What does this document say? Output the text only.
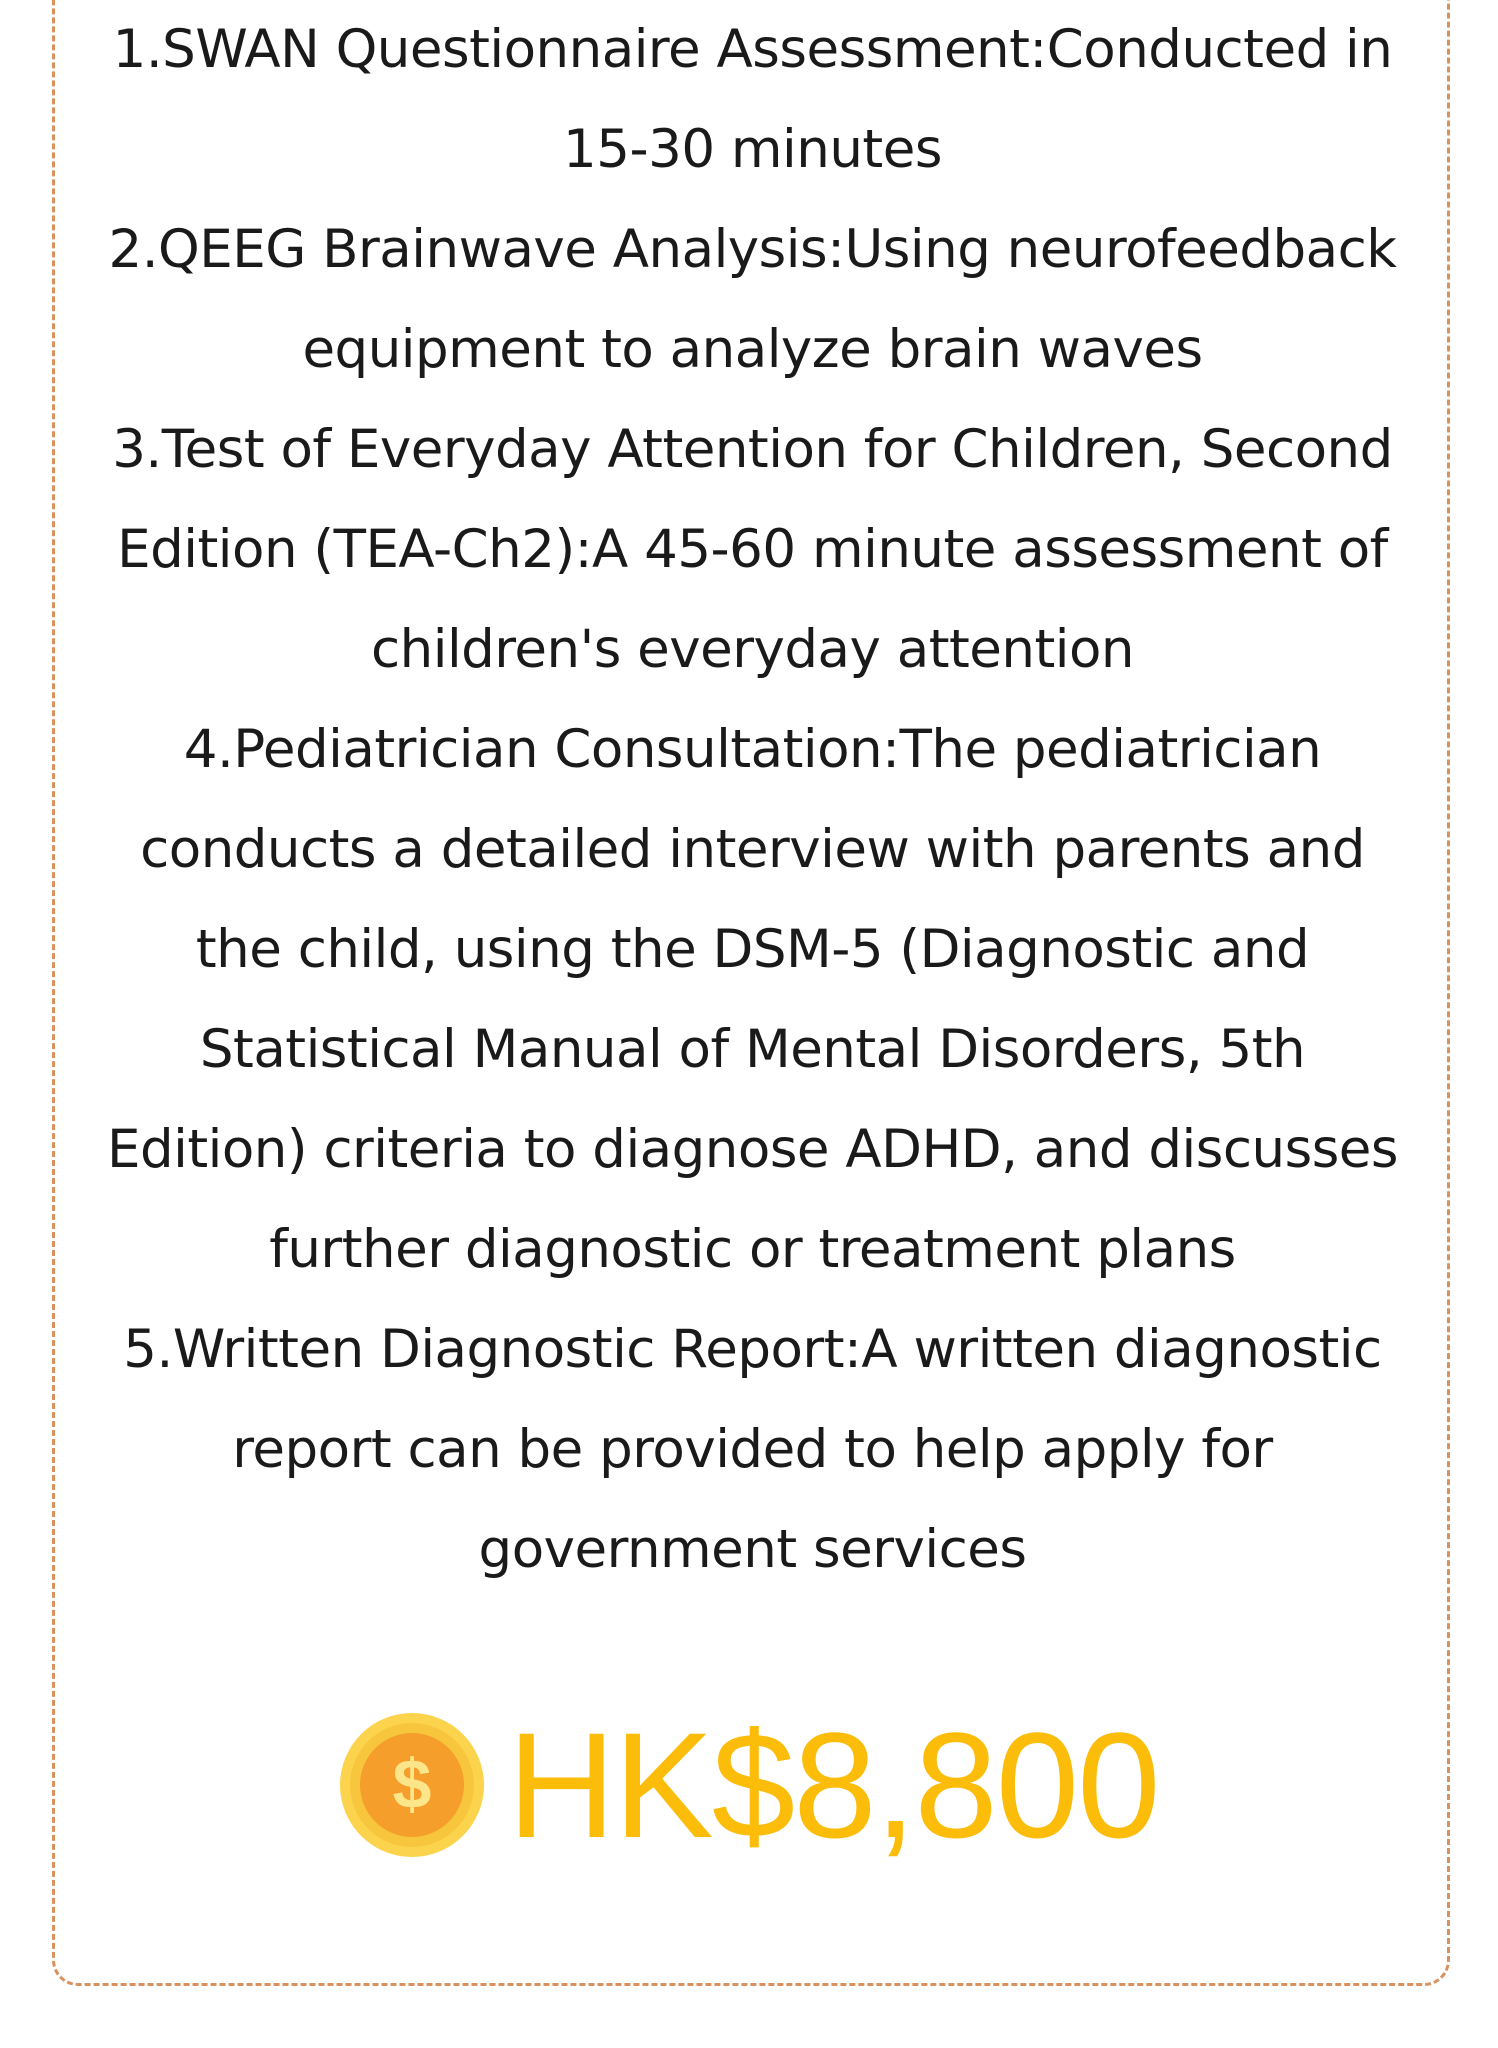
1.SWAN Questionnaire Assessment:Conducted in 15-30 minutes
2.QEEG Brainwave Analysis:Using neurofeedback equipment to analyze brain waves
3.Test of Everyday Attention for Children, Second Edition (TEA-Ch2):A 45-60 minute assessment of children's everyday attention
4.Pediatrician Consultation:The pediatrician conducts a detailed interview with parents and the child, using the DSM-5 (Diagnostic and Statistical Manual of Mental Disorders, 5th Edition) criteria to diagnose ADHD, and discusses further diagnostic or treatment plans
5.Written Diagnostic Report:A written diagnostic report can be provided to help apply for government services
$ HK$8,800
